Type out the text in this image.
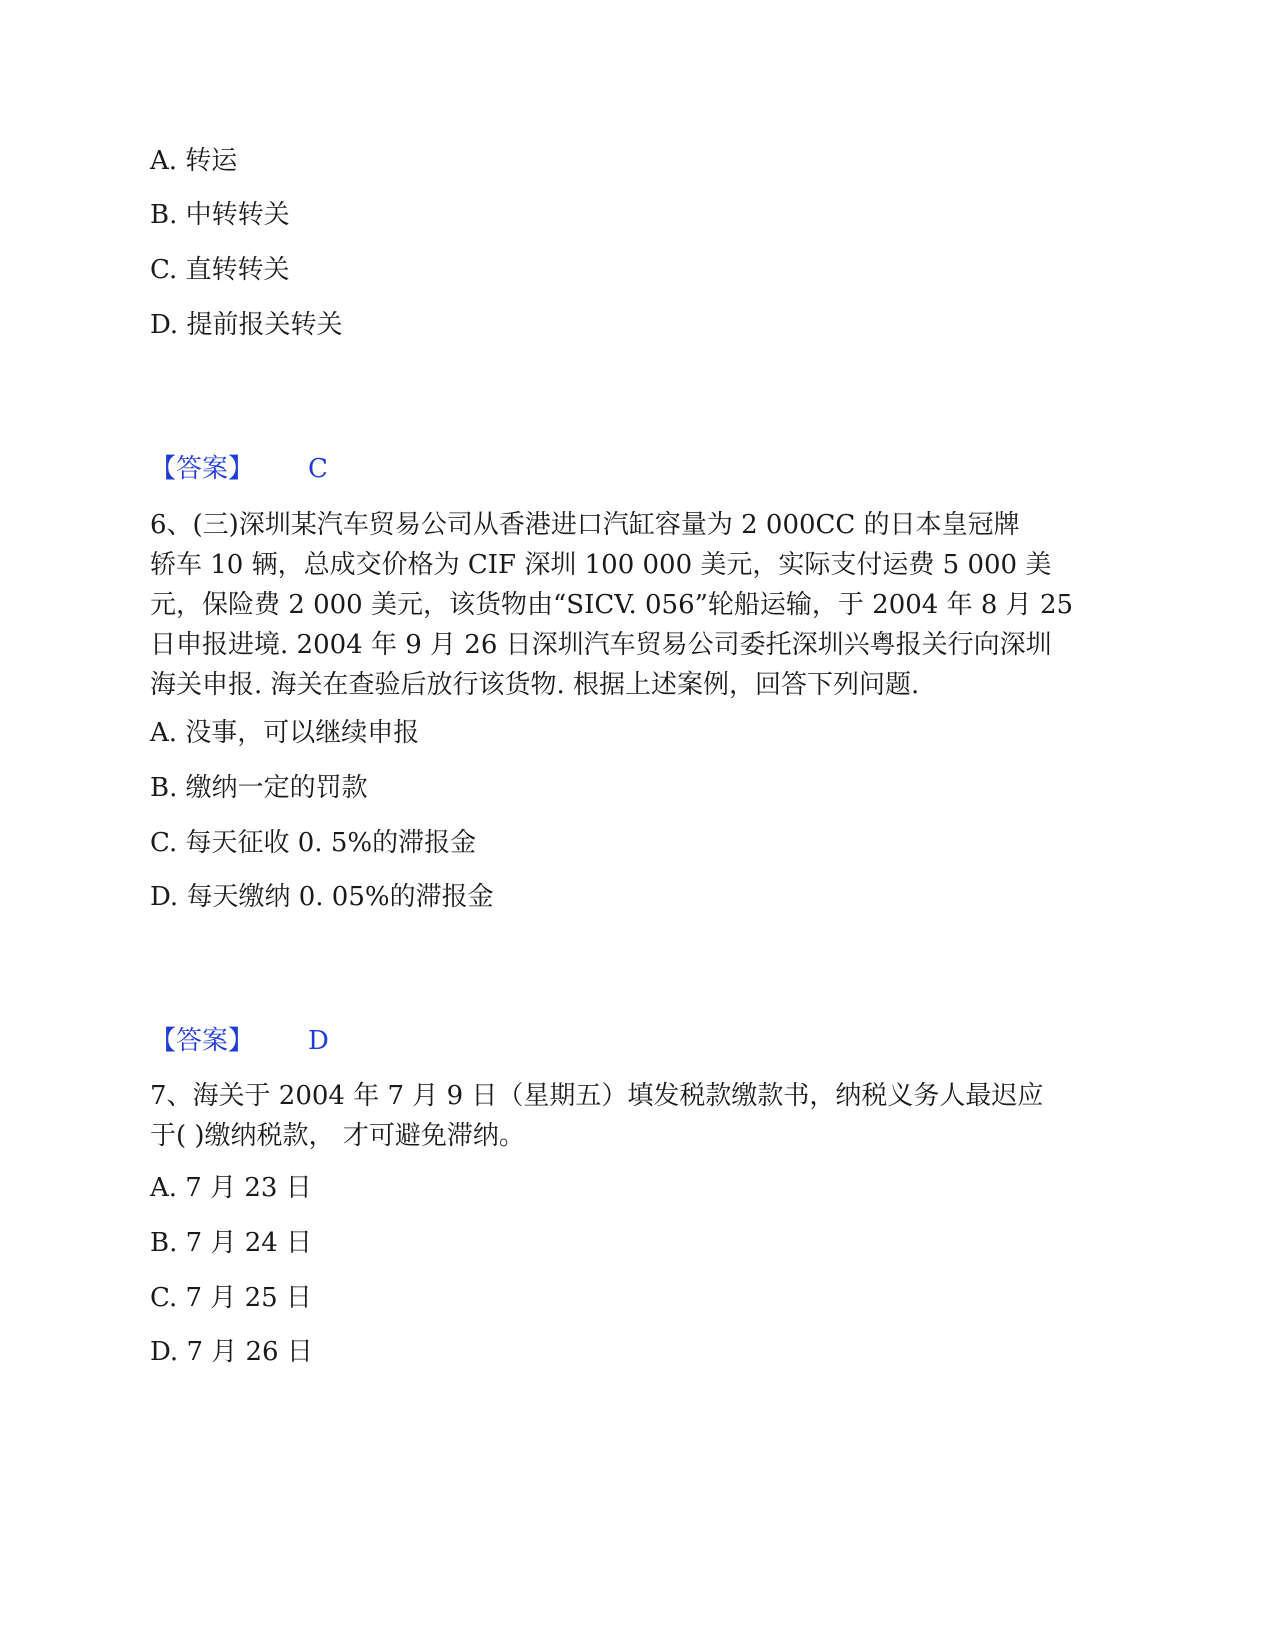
A. 转运
B. 中转转关
C. 直转转关
D. 提前报关转关
【答案】 C
6、(三)深圳某汽车贸易公司从香港进口汽缸容量为 2 000CC 的日本皇冠牌
轿车 10 辆，总成交价格为 CIF 深圳 100 000 美元，实际支付运费 5 000 美
元，保险费 2 000 美元，该货物由“SICV. 056”轮船运输，于 2004 年 8 月 25
日申报进境. 2004 年 9 月 26 日深圳汽车贸易公司委托深圳兴粤报关行向深圳
海关申报. 海关在查验后放行该货物. 根据上述案例，回答下列问题.
A. 没事，可以继续申报
B. 缴纳一定的罚款
C. 每天征收 0. 5%的滞报金
D. 每天缴纳 0. 05%的滞报金
【答案】 D
7、海关于 2004 年 7 月 9 日（星期五）填发税款缴款书，纳税义务人最迟应
于( )缴纳税款， 才可避免滞纳。
A. 7 月 23 日
B. 7 月 24 日
C. 7 月 25 日
D. 7 月 26 日
